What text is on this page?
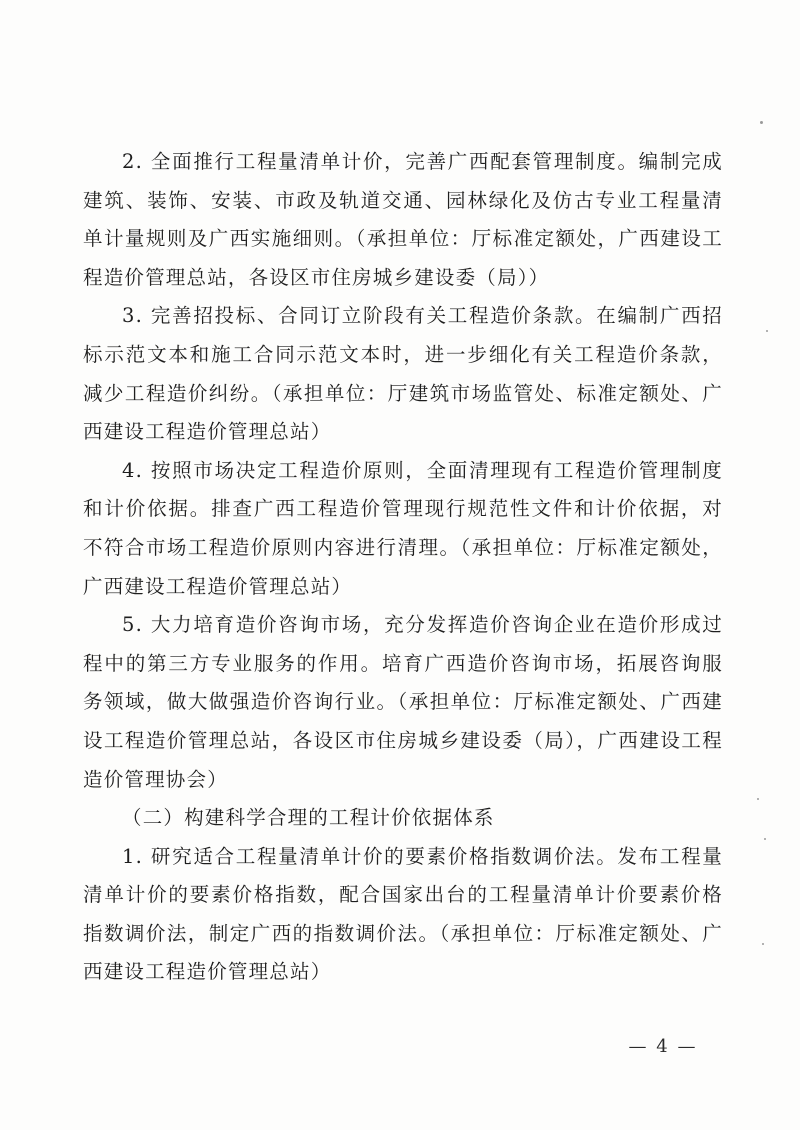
2. 全面推行工程量清单计价，完善广西配套管理制度。编制完成建筑、装饰、安装、市政及轨道交通、园林绿化及仿古专业工程量清单计量规则及广西实施细则。（承担单位：厅标准定额处，广西建设工程造价管理总站，各设区市住房城乡建设委（局））

3. 完善招投标、合同订立阶段有关工程造价条款。在编制广西招标示范文本和施工合同示范文本时，进一步细化有关工程造价条款，减少工程造价纠纷。（承担单位：厅建筑市场监管处、标准定额处、广西建设工程造价管理总站）

4. 按照市场决定工程造价原则，全面清理现有工程造价管理制度和计价依据。排查广西工程造价管理现行规范性文件和计价依据，对不符合市场工程造价原则内容进行清理。（承担单位：厅标准定额处，广西建设工程造价管理总站）

5. 大力培育造价咨询市场，充分发挥造价咨询企业在造价形成过程中的第三方专业服务的作用。培育广西造价咨询市场，拓展咨询服务领域，做大做强造价咨询行业。（承担单位：厅标准定额处、广西建设工程造价管理总站，各设区市住房城乡建设委（局），广西建设工程造价管理协会）

（二）构建科学合理的工程计价依据体系

1. 研究适合工程量清单计价的要素价格指数调价法。发布工程量清单计价的要素价格指数，配合国家出台的工程量清单计价要素价格指数调价法，制定广西的指数调价法。（承担单位：厅标准定额处、广西建设工程造价管理总站）

— 4 —
